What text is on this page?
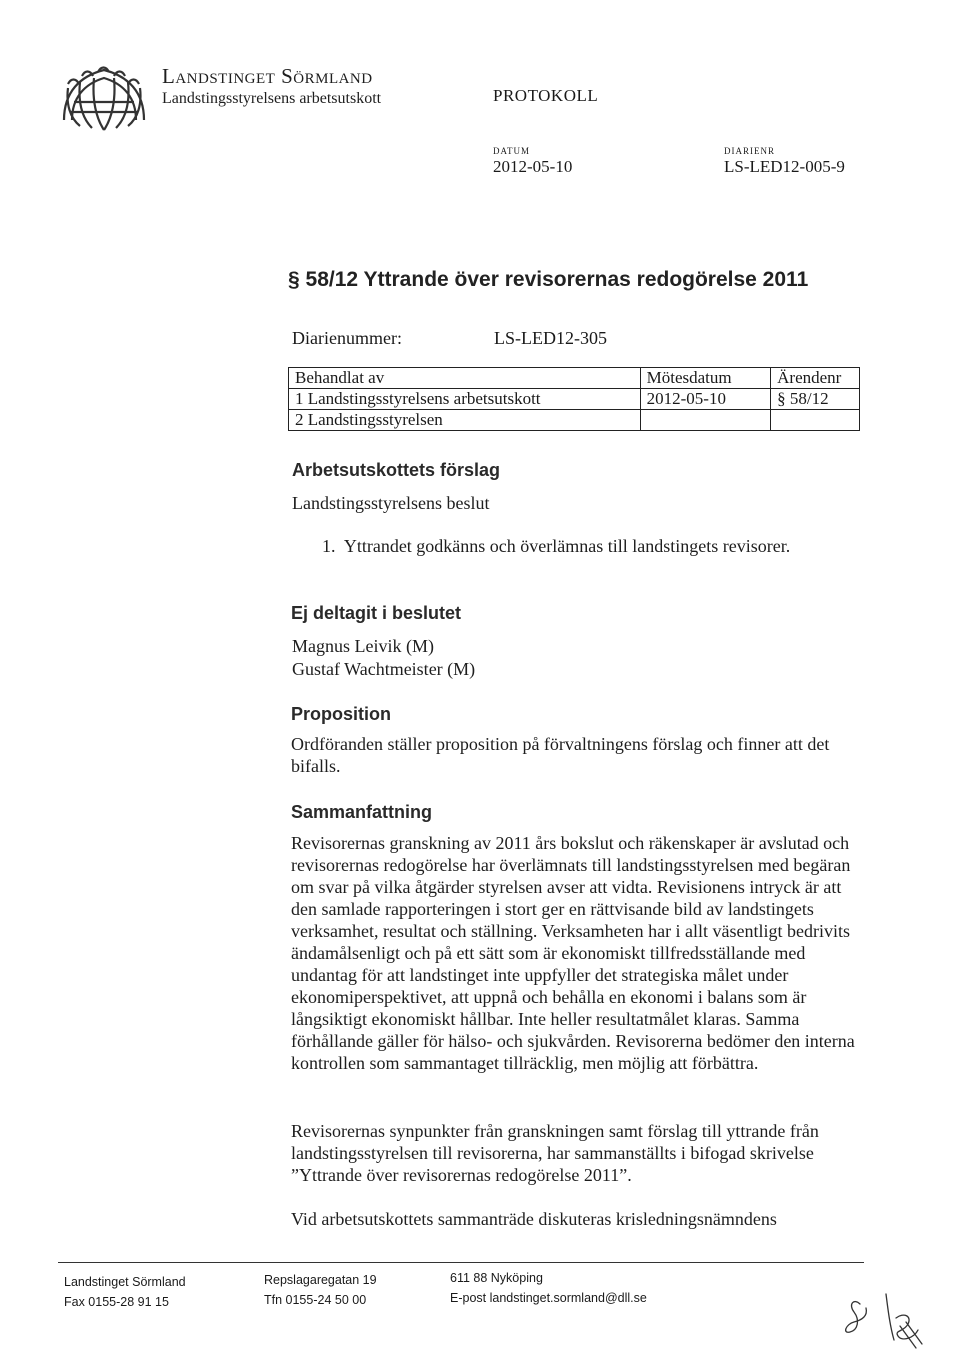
LANDSTINGET SÖRMLAND
Landstingsstyrelsens arbetsutskott	PROTOKOLL
DATUM
2012-05-10
DIARIENR
LS-LED12-005-9
§ 58/12 Yttrande över revisorernas redogörelse 2011
Diarienummer:	LS-LED12-305
Behandlat av	Mötesdatum	Ärendenr
1 Landstingsstyrelsens arbetsutskott	2012-05-10	§ 58/12
2 Landstingsstyrelsen		
Arbetsutskottets förslag
Landstingsstyrelsens beslut
1.  Yttrandet godkänns och överlämnas till landstingets revisorer.
Ej deltagit i beslutet
Magnus Leivik (M)
Gustaf Wachtmeister (M)
Proposition
Ordföranden ställer proposition på förvaltningens förslag och finner att det bifalls.
Sammanfattning
Revisorernas granskning av 2011 års bokslut och räkenskaper är avslutad och revisorernas redogörelse har överlämnats till landstingsstyrelsen med begäran om svar på vilka åtgärder styrelsen avser att vidta. Revisionens intryck är att den samlade rapporteringen i stort ger en rättvisande bild av landstingets verksamhet, resultat och ställning. Verksamheten har i allt väsentligt bedrivits ändamålsenligt och på ett sätt som är ekonomiskt tillfredsställande med undantag för att landstinget inte uppfyller det strategiska målet under ekonomiperspektivet, att uppnå och behålla en ekonomi i balans som är långsiktigt ekonomiskt hållbar. Inte heller resultatmålet klaras. Samma förhållande gäller för hälso- och sjukvården. Revisorerna bedömer den interna kontrollen som sammantaget tillräcklig, men möjlig att förbättra.
Revisorernas synpunkter från granskningen samt förslag till yttrande från landstingsstyrelsen till revisorerna, har sammanställts i bifogad skrivelse ”Yttrande över revisorernas redogörelse 2011”.
Vid arbetsutskottets sammanträde diskuteras krisledningsnämndens
Landstinget Sörmland
Fax 0155-28 91 15
Repslagaregatan 19
Tfn 0155-24 50 00
611 88 Nyköping
E-post landstinget.sormland@dll.se
